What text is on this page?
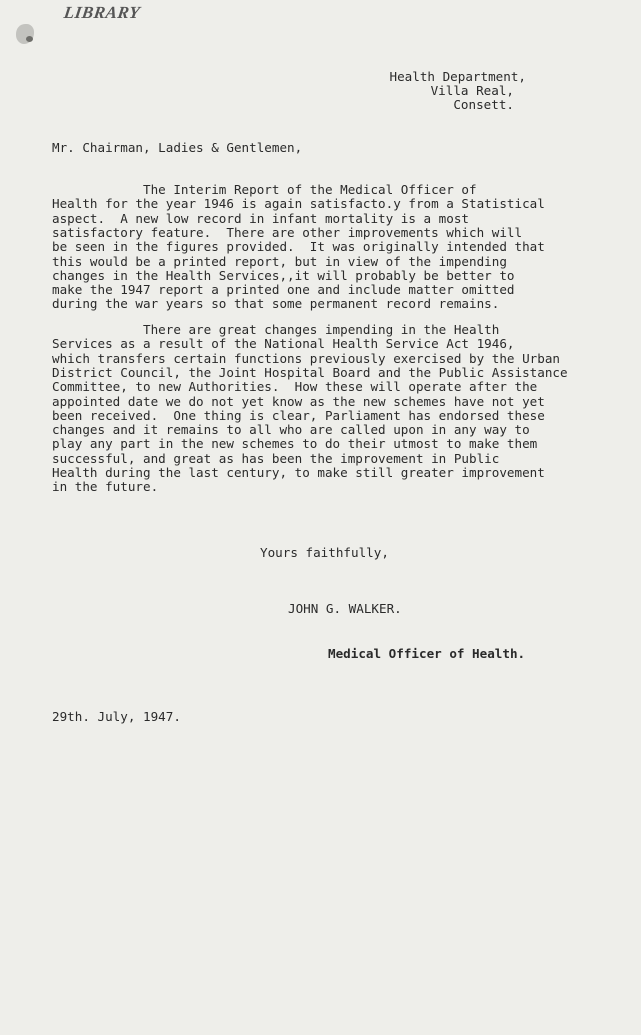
LIBRARY
Health Department,
Villa Real,
Consett.
Mr. Chairman, Ladies & Gentlemen,
The Interim Report of the Medical Officer of
Health for the year 1946 is again satisfacto.y from a Statistical
aspect.  A new low record in infant mortality is a most
satisfactory feature.  There are other improvements which will
be seen in the figures provided.  It was originally intended that
this would be a printed report, but in view of the impending
changes in the Health Services,,it will probably be better to
make the 1947 report a printed one and include matter omitted
during the war years so that some permanent record remains.
There are great changes impending in the Health
Services as a result of the National Health Service Act 1946,
which transfers certain functions previously exercised by the Urban
District Council, the Joint Hospital Board and the Public Assistance
Committee, to new Authorities.  How these will operate after the
appointed date we do not yet know as the new schemes have not yet
been received.  One thing is clear, Parliament has endorsed these
changes and it remains to all who are called upon in any way to
play any part in the new schemes to do their utmost to make them
successful, and great as has been the improvement in Public
Health during the last century, to make still greater improvement
in the future.
Yours faithfully,
JOHN G. WALKER.
Medical Officer of Health.
29th. July, 1947.
